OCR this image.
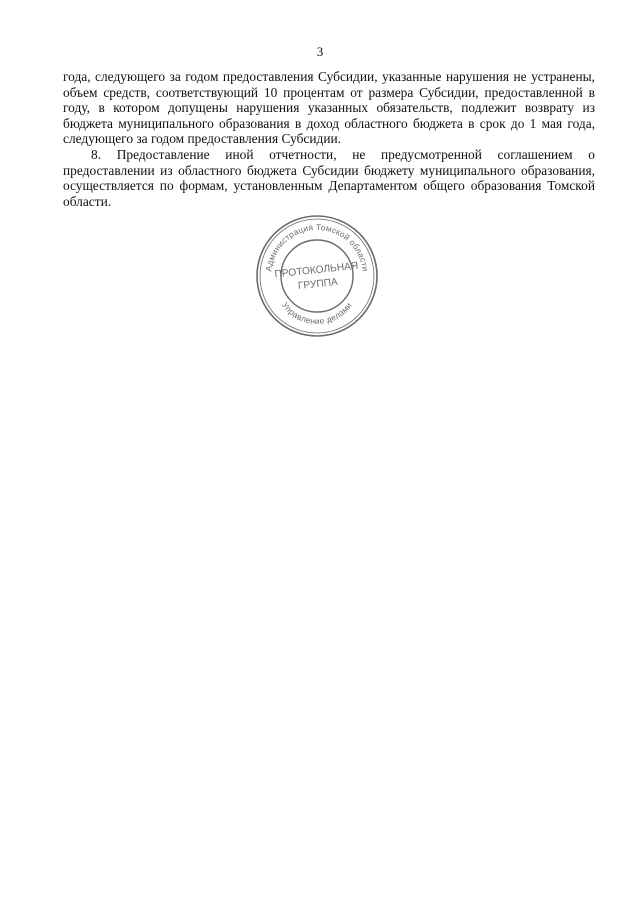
3

года, следующего за годом предоставления Субсидии, указанные нарушения не устранены, объем средств, соответствующий 10 процентам от размера Субсидии, предоставленной в году, в котором допущены нарушения указанных обязательств, подлежит возврату из бюджета муниципального образования в доход областного бюджета в срок до 1 мая года, следующего за годом предоставления Субсидии.

8. Предоставление иной отчетности, не предусмотренной соглашением о предоставлении из областного бюджета Субсидии бюджету муниципального образования, осуществляется по формам, установленным Департаментом общего образования Томской области.

Администрация Томской области
Управление делами
ПРОТОКОЛЬНАЯ
ГРУППА
